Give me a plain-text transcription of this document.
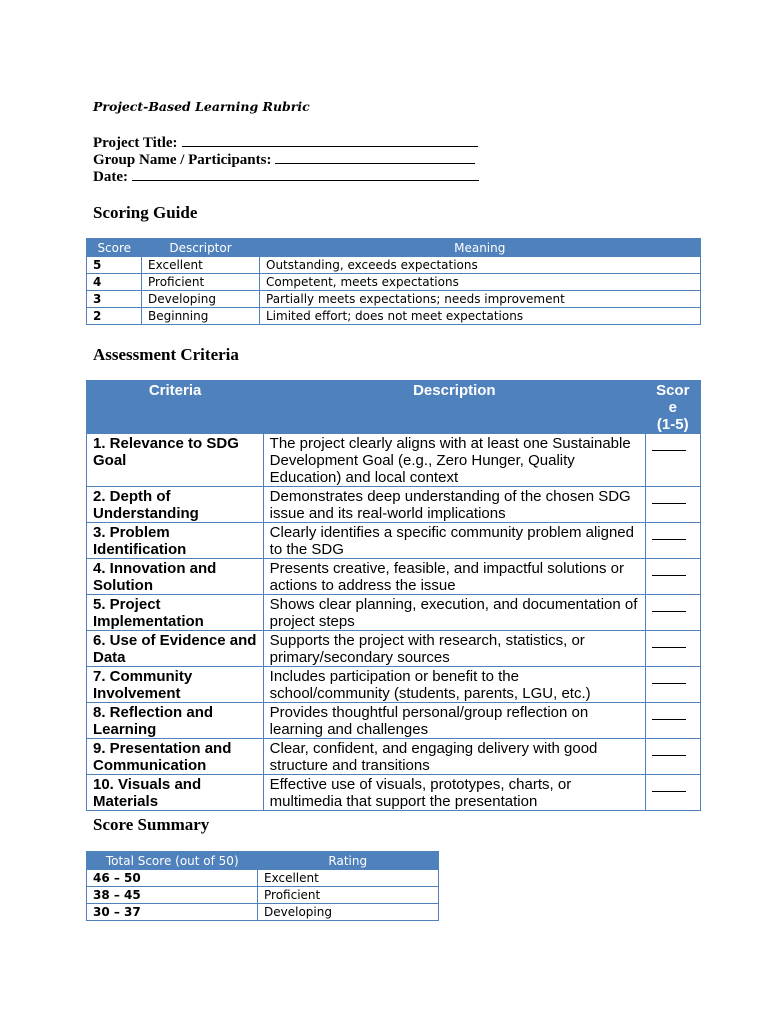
Project-Based Learning Rubric
Project Title:
Group Name / Participants:
Date:
Scoring Guide
Score	Descriptor	Meaning
5	Excellent	Outstanding, exceeds expectations
4	Proficient	Competent, meets expectations
3	Developing	Partially meets expectations; needs improvement
2	Beginning	Limited effort; does not meet expectations
Assessment Criteria
Criteria	Description	Scor
e
(1-5)

1. Relevance to SDG Goal	The project clearly aligns with at least one Sustainable Development Goal (e.g., Zero Hunger, Quality Education) and local context	
2. Depth of Understanding	Demonstrates deep understanding of the chosen SDG issue and its real-world implications	
3. Problem Identification	Clearly identifies a specific community problem aligned to the SDG	
4. Innovation and Solution	Presents creative, feasible, and impactful solutions or actions to address the issue	
5. Project Implementation	Shows clear planning, execution, and documentation of project steps	
6. Use of Evidence and Data	Supports the project with research, statistics, or primary/secondary sources	
7. Community Involvement	Includes participation or benefit to the school/community (students, parents, LGU, etc.)	
8. Reflection and Learning	Provides thoughtful personal/group reflection on learning and challenges	
9. Presentation and Communication	Clear, confident, and engaging delivery with good structure and transitions	
10. Visuals and Materials	Effective use of visuals, prototypes, charts, or multimedia that support the presentation	
Score Summary
Total Score (out of 50)	Rating
46 – 50	Excellent
38 – 45	Proficient
30 – 37	Developing
